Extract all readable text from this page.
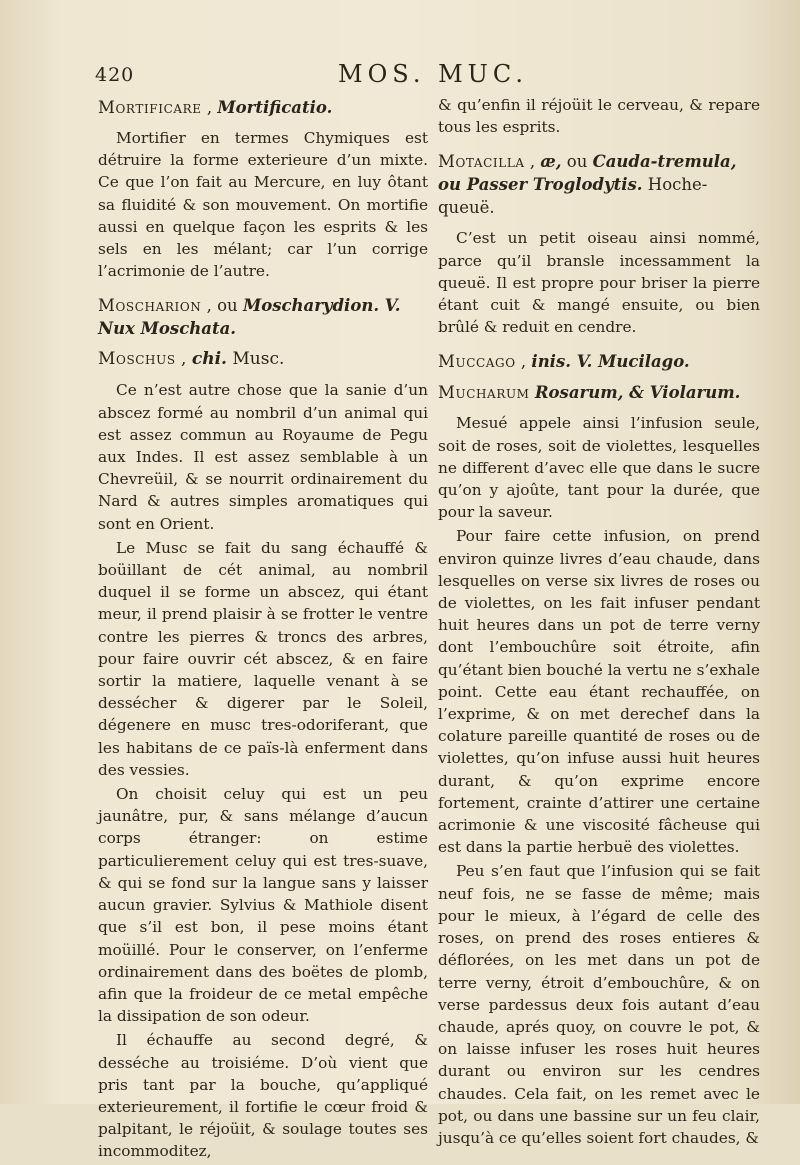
420	MOS. MUC.
Mortificare , Mortificatio.

Mortifier en termes Chymiques est détruire la forme exterieure d’un mixte. Ce que l’on fait au Mercure, en luy ôtant sa fluidité & son mouvement. On mortifie aussi en quelque façon les esprits & les sels en les mélant; car l’un corrige l’acrimonie de l’autre.

Moscharion , ou Moscharydion. V. Nux Moschata.
Moschus , chi. Musc.

Ce n’est autre chose que la sanie d’un abscez formé au nombril d’un animal qui est assez commun au Royaume de Pegu aux Indes. Il est assez semblable à un Chevreüil, & se nourrit ordinairement du Nard & autres simples aromatiques qui sont en Orient.

Le Musc se fait du sang échauffé & boüillant de cét animal, au nombril duquel il se forme un abscez, qui étant meur, il prend plaisir à se frotter le ventre contre les pierres & troncs des arbres, pour faire ouvrir cét abscez, & en faire sortir la matiere, laquelle venant à se dessécher & digerer par le Soleil, dégenere en musc tres-odoriferant, que les habitans de ce païs-là enferment dans des vessies.

On choisit celuy qui est un peu jaunâtre, pur, & sans mélange d’aucun corps étranger: on estime particulierement celuy qui est tres-suave, & qui se fond sur la langue sans y laisser aucun gravier. Sylvius & Mathiole disent que s’il est bon, il pese moins étant moüillé. Pour le conserver, on l’enferme ordinairement dans des boëtes de plomb, afin que la froideur de ce metal empêche la dissipation de son odeur.

Il échauffe au second degré, & desséche au troisiéme. D’où vient que pris tant par la bouche, qu’appliqué exterieurement, il fortifie le cœur froid & palpitant, le réjoüit, & soulage toutes ses incommoditez,

& qu’enfin il réjoüit le cerveau, & repare tous les esprits.

Motacilla , æ, ou Cauda-tremula, ou Passer Troglodytis. Hoche-queuë.

C’est un petit oiseau ainsi nommé, parce qu’il bransle incessamment la queuë. Il est propre pour briser la pierre étant cuit & mangé ensuite, ou bien brûlé & reduit en cendre.

Muccago , inis. V. Mucilago.
Mucharum Rosarum, & Violarum.

Mesué appele ainsi l’infusion seule, soit de roses, soit de violettes, lesquelles ne different d’avec elle que dans le sucre qu’on y ajoûte, tant pour la durée, que pour la saveur.

Pour faire cette infusion, on prend environ quinze livres d’eau chaude, dans lesquelles on verse six livres de roses ou de violettes, on les fait infuser pendant huit heures dans un pot de terre verny dont l’embouchûre soit étroite, afin qu’étant bien bouché la vertu ne s’exhale point. Cette eau étant rechauffée, on l’exprime, & on met derechef dans la colature pareille quantité de roses ou de violettes, qu’on infuse aussi huit heures durant, & qu’on exprime encore fortement, crainte d’attirer une certaine acrimonie & une viscosité fâcheuse qui est dans la partie herbuë des violettes.

Peu s’en faut que l’infusion qui se fait neuf fois, ne se fasse de même; mais pour le mieux, à l’égard de celle des roses, on prend des roses entieres & déflorées, on les met dans un pot de terre verny, étroit d’embouchûre, & on verse pardessus deux fois autant d’eau chaude, aprés quoy, on couvre le pot, & on laisse infuser les roses huit heures durant ou environ sur les cendres chaudes. Cela fait, on les remet avec le pot, ou dans une bassine sur un feu clair, jusqu’à ce qu’elles soient fort chaudes, &
